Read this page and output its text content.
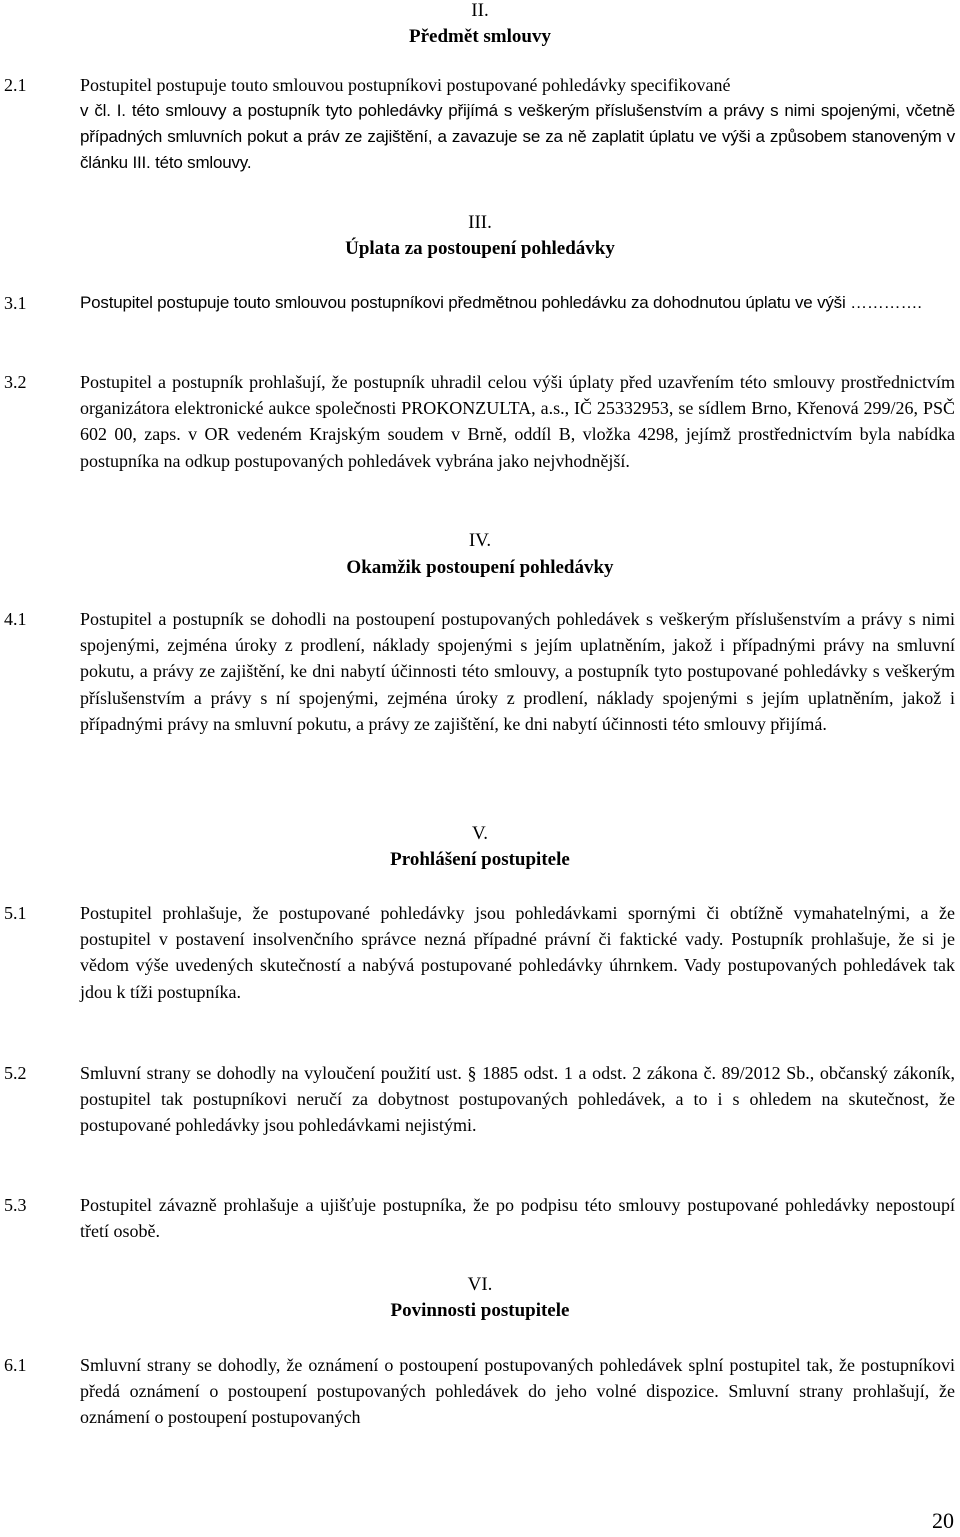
II.
Předmět smlouvy
2.1	Postupitel postupuje touto smlouvou postupníkovi postupované pohledávky specifikované
v čl. I. této smlouvy a postupník tyto pohledávky přijímá s veškerým příslušenstvím a právy s nimi spojenými, včetně případných smluvních pokut a práv ze zajištění, a zavazuje se za ně zaplatit úplatu ve výši a způsobem stanoveným v článku III. této smlouvy.
III.
Úplata za postoupení pohledávky
3.1	Postupitel postupuje touto smlouvou postupníkovi předmětnou pohledávku za dohodnutou úplatu ve výši ………….
3.2	Postupitel a postupník prohlašují, že postupník uhradil celou výši úplaty před uzavřením této smlouvy prostřednictvím organizátora elektronické aukce společnosti PROKONZULTA, a.s., IČ 25332953, se sídlem Brno, Křenová 299/26, PSČ 602 00, zaps. v OR vedeném Krajským soudem v Brně, oddíl B, vložka 4298, jejímž prostřednictvím byla nabídka postupníka na odkup postupovaných pohledávek vybrána jako nejvhodnější.
IV.
Okamžik postoupení pohledávky
4.1	Postupitel a postupník se dohodli na postoupení postupovaných pohledávek s veškerým příslušenstvím a právy s nimi spojenými, zejména úroky z prodlení, náklady spojenými s jejím uplatněním, jakož i případnými právy na smluvní pokutu, a právy ze zajištění, ke dni nabytí účinnosti této smlouvy, a postupník tyto postupované pohledávky s veškerým příslušenstvím a právy s ní spojenými, zejména úroky z prodlení, náklady spojenými s jejím uplatněním, jakož i případnými právy na smluvní pokutu, a právy ze zajištění, ke dni nabytí účinnosti této smlouvy přijímá.
V.
Prohlášení postupitele
5.1	Postupitel prohlašuje, že postupované pohledávky jsou pohledávkami spornými či obtížně vymahatelnými, a že postupitel v postavení insolvenčního správce nezná případné právní či faktické vady. Postupník prohlašuje, že si je vědom výše uvedených skutečností a nabývá postupované pohledávky úhrnkem. Vady postupovaných pohledávek tak jdou k tíži postupníka.
5.2	Smluvní strany se dohodly na vyloučení použití ust. § 1885 odst. 1 a odst. 2 zákona č. 89/2012 Sb., občanský zákoník, postupitel tak postupníkovi neručí za dobytnost postupovaných pohledávek, a to i s ohledem na skutečnost, že postupované pohledávky jsou pohledávkami nejistými.
5.3	Postupitel závazně prohlašuje a ujišťuje postupníka, že po podpisu této smlouvy postupované pohledávky nepostoupí třetí osobě.
VI.
Povinnosti postupitele
6.1	Smluvní strany se dohodly, že oznámení o postoupení postupovaných pohledávek splní postupitel tak, že postupníkovi předá oznámení o postoupení postupovaných pohledávek do jeho volné dispozice. Smluvní strany prohlašují, že oznámení o postoupení postupovaných
20
